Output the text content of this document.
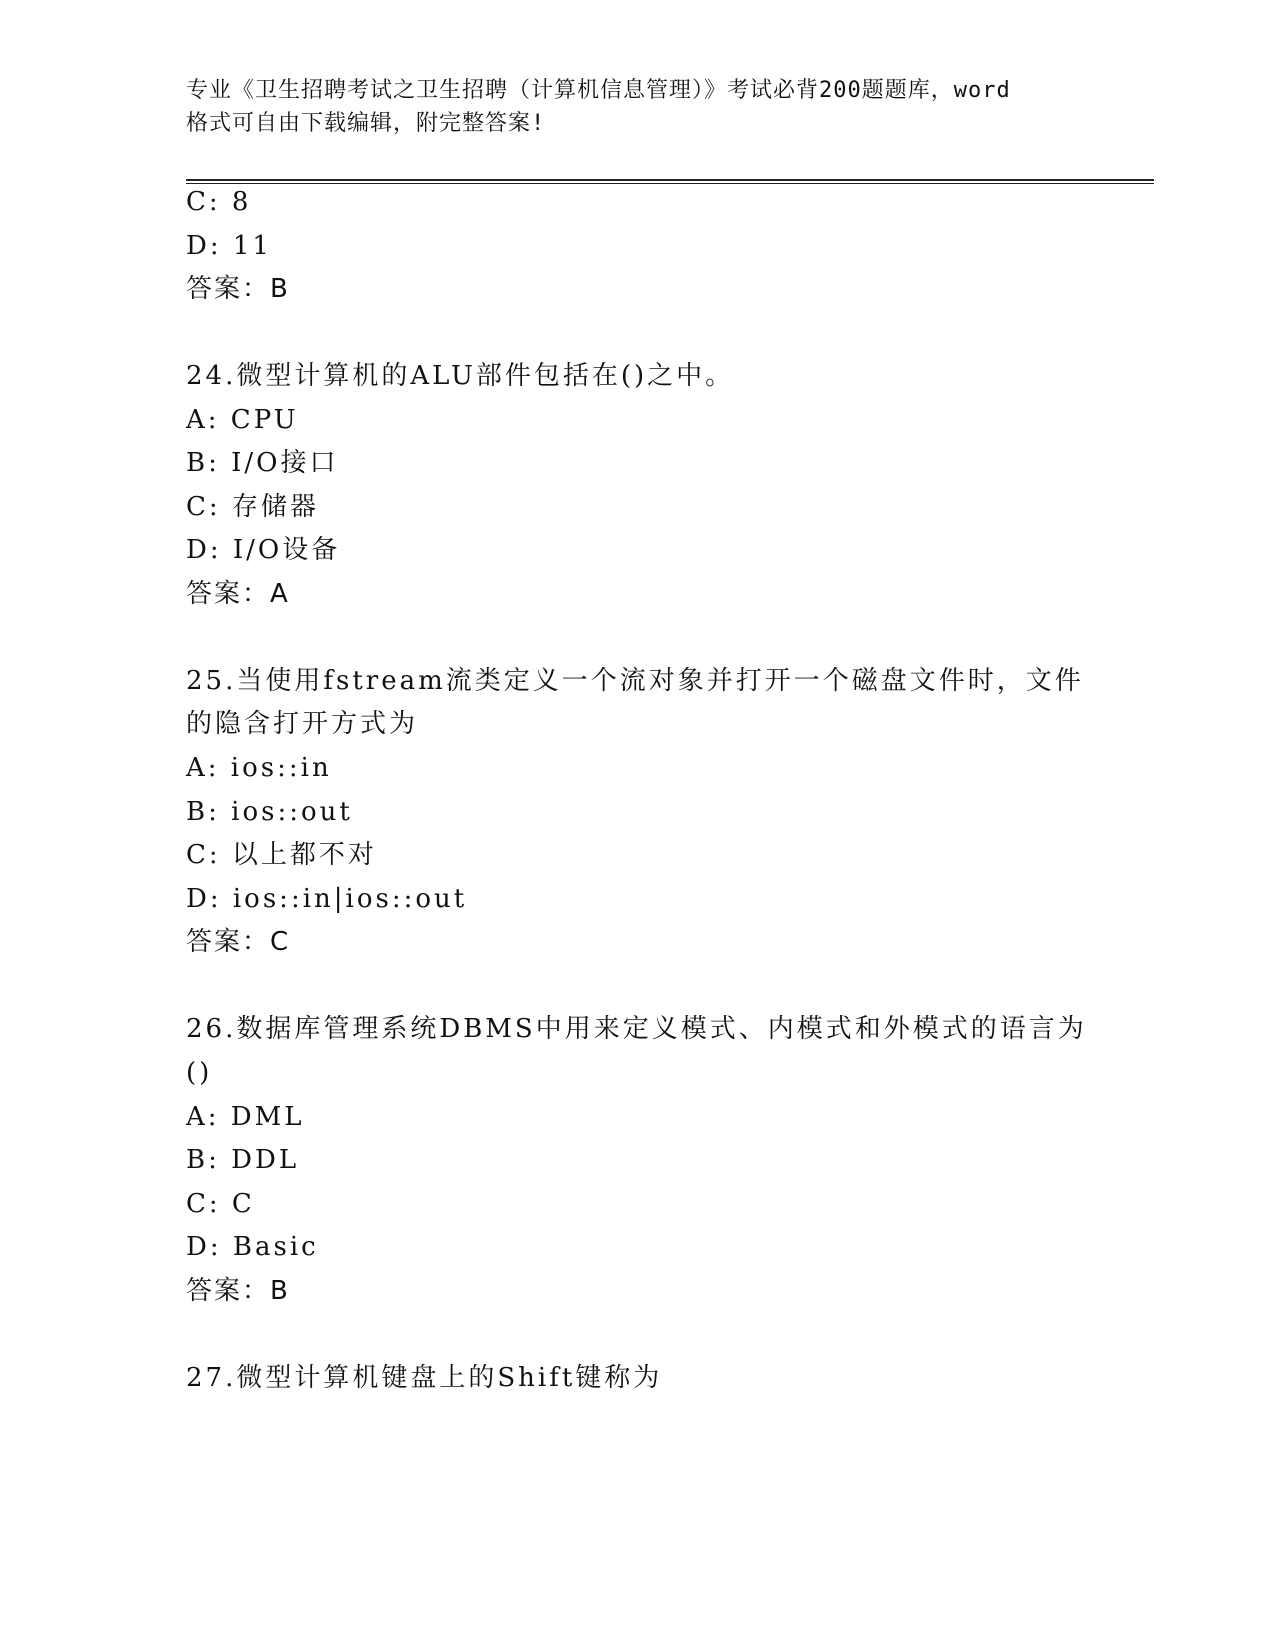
专业《卫生招聘考试之卫生招聘（计算机信息管理）》考试必背200题题库，word
格式可自由下载编辑，附完整答案!
C: 8
D: 11
答案：B
24.微型计算机的ALU部件包括在()之中。
A: CPU
B: I/O接口
C: 存储器
D: I/O设备
答案：A
25.当使用fstream流类定义一个流对象并打开一个磁盘文件时，文件
的隐含打开方式为
A: ios::in
B: ios::out
C: 以上都不对
D: ios::in|ios::out
答案：C
26.数据库管理系统DBMS中用来定义模式、内模式和外模式的语言为
()
A: DML
B: DDL
C: C
D: Basic
答案：B
27.微型计算机键盘上的Shift键称为
